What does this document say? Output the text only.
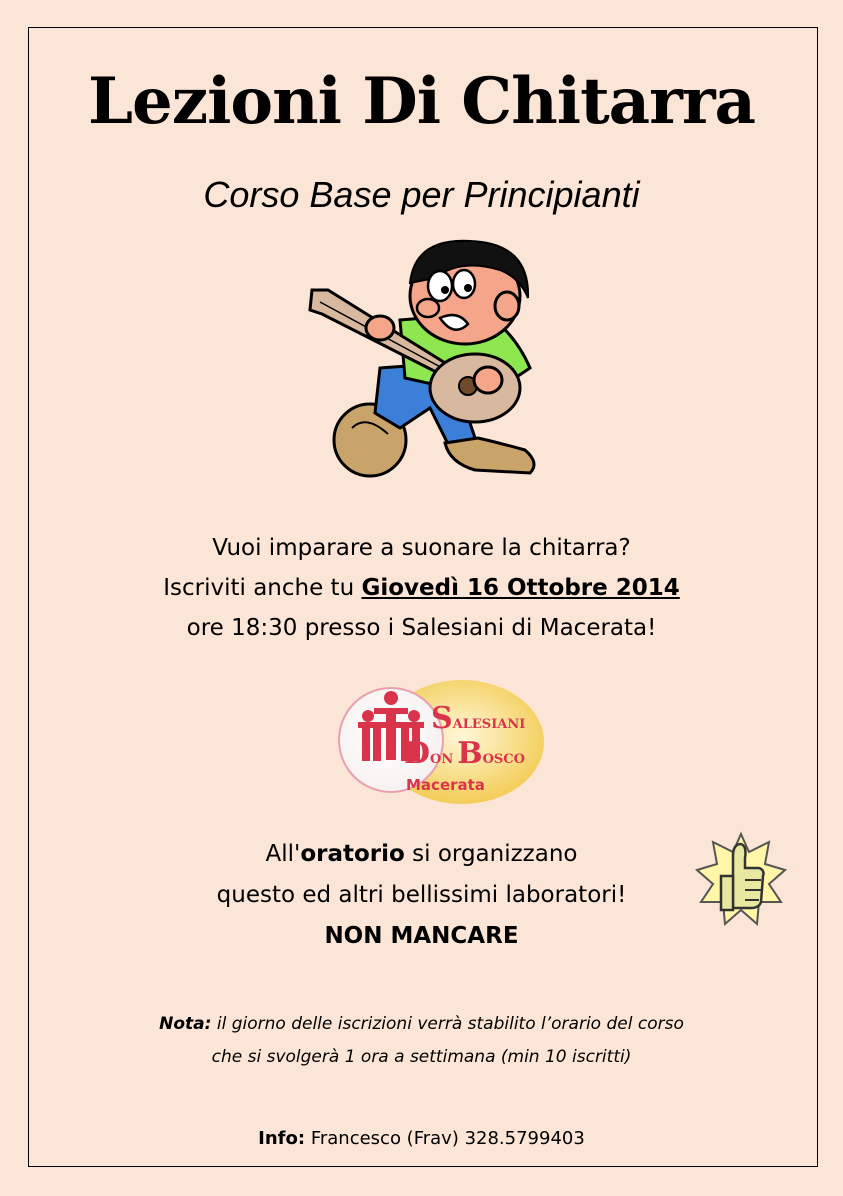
Lezioni Di Chitarra
Corso Base per Principianti
Vuoi imparare a suonare la chitarra?
Iscriviti anche tu Giovedì 16 Ottobre 2014
ore 18:30 presso i Salesiani di Macerata!
SALESIANI
DON BOSCO
Macerata
All'oratorio si organizzano
questo ed altri bellissimi laboratori!
NON MANCARE
Nota: il giorno delle iscrizioni verrà stabilito l’orario del corso
che si svolgerà 1 ora a settimana (min 10 iscritti)
Info: Francesco (Frav) 328.5799403
